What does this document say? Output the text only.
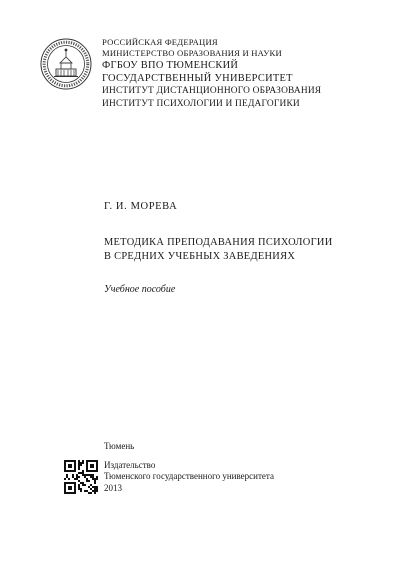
РОССИЙСКАЯ ФЕДЕРАЦИЯ
МИНИСТЕРСТВО ОБРАЗОВАНИЯ И НАУКИ
ФГБОУ ВПО ТЮМЕНСКИЙ
ГОСУДАРСТВЕННЫЙ УНИВЕРСИТЕТ
ИНСТИТУТ ДИСТАНЦИОННОГО ОБРАЗОВАНИЯ
ИНСТИТУТ ПСИХОЛОГИИ И ПЕДАГОГИКИ
Г. И. МОРЕВА
МЕТОДИКА ПРЕПОДАВАНИЯ ПСИХОЛОГИИ
В СРЕДНИХ УЧЕБНЫХ ЗАВЕДЕНИЯХ
Учебное пособие
Тюмень
Издательство
Тюменского государственного университета
2013
